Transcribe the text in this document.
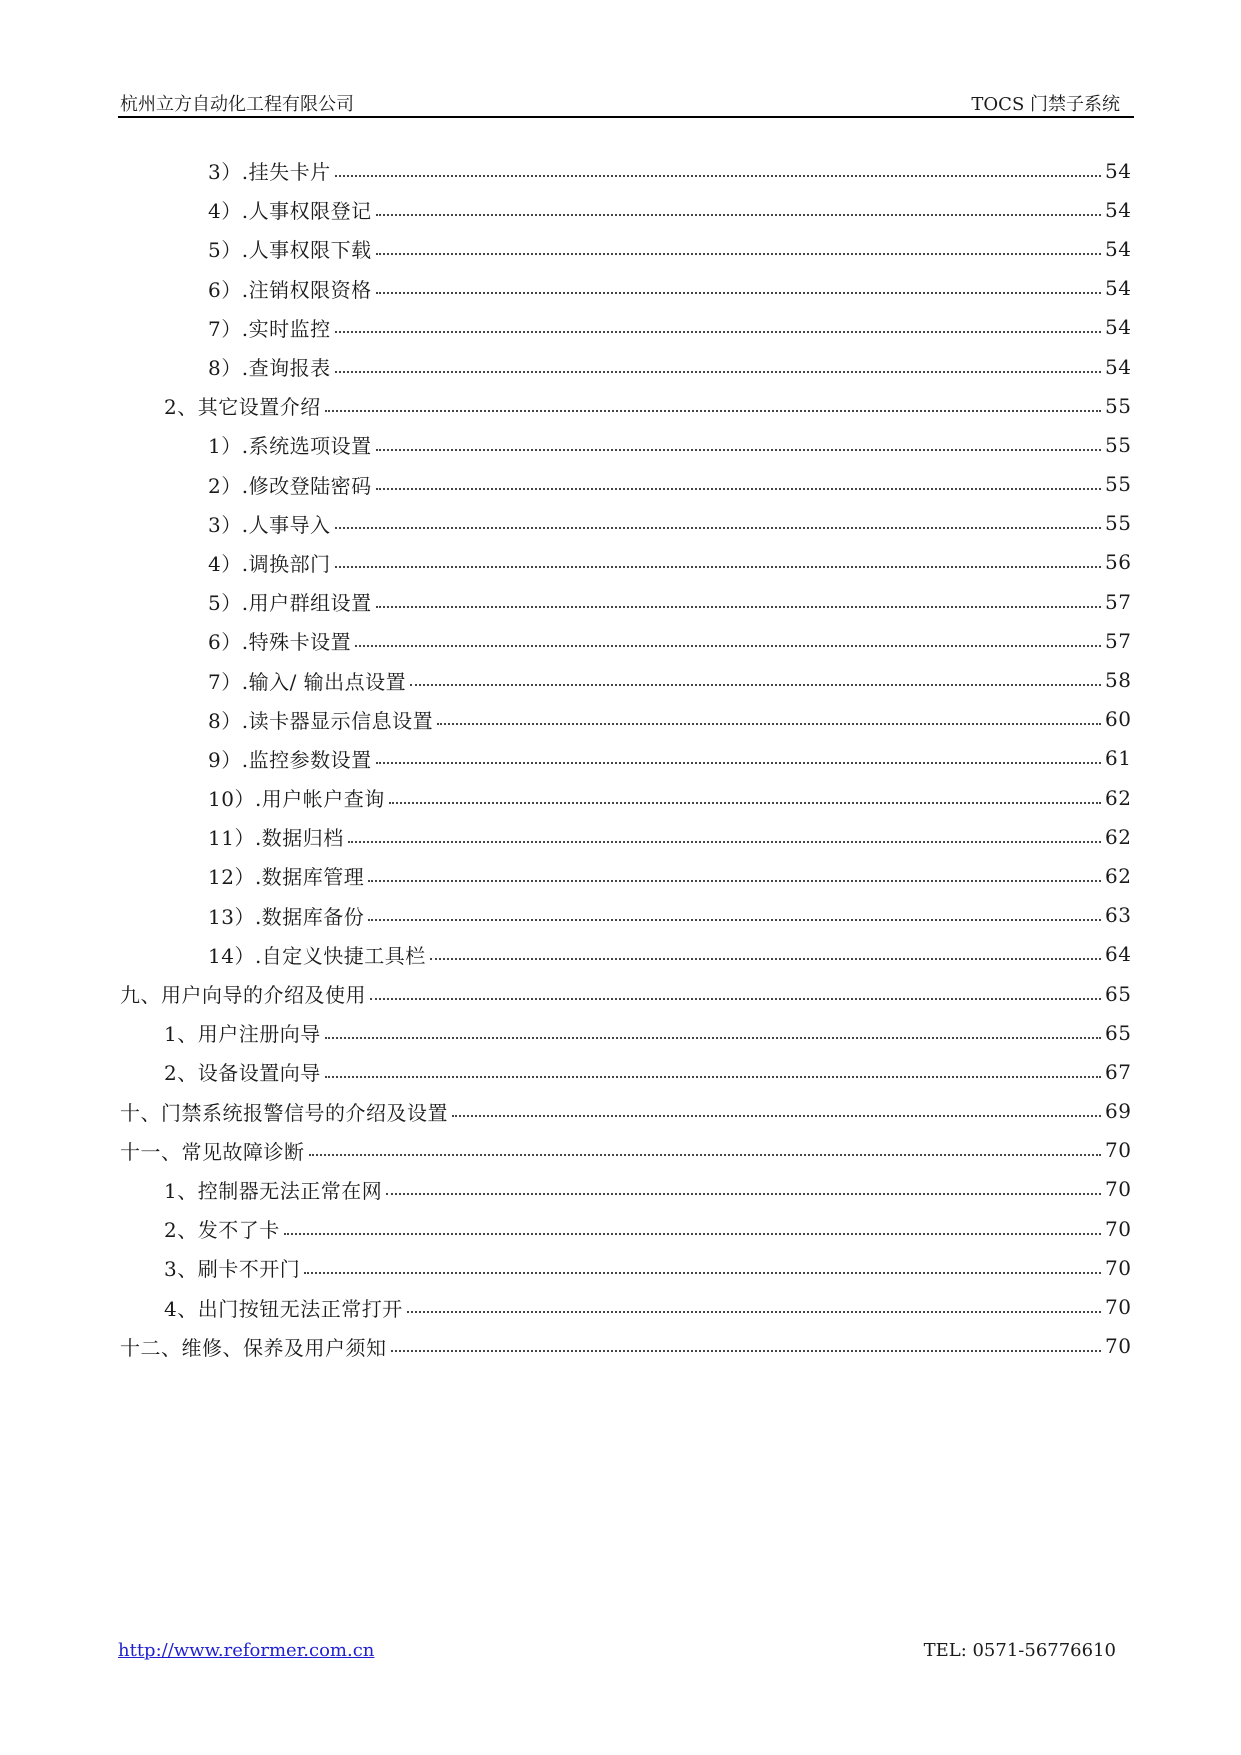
杭州立方自动化工程有限公司	TOCS 门禁子系统
3）.挂失卡片	54
4）.人事权限登记	54
5）.人事权限下载	54
6）.注销权限资格	54
7）.实时监控	54
8）.查询报表	54
2、其它设置介绍	55
1）.系统选项设置	55
2）.修改登陆密码	55
3）.人事导入	55
4）.调换部门	56
5）.用户群组设置	57
6）.特殊卡设置	57
7）.输入/ 输出点设置	58
8）.读卡器显示信息设置	60
9）.监控参数设置	61
10）.用户帐户查询	62
11）.数据归档	62
12）.数据库管理	62
13）.数据库备份	63
14）.自定义快捷工具栏	64
九、用户向导的介绍及使用	65
1、用户注册向导	65
2、设备设置向导	67
十、门禁系统报警信号的介绍及设置	69
十一、常见故障诊断	70
1、控制器无法正常在网	70
2、发不了卡	70
3、刷卡不开门	70
4、出门按钮无法正常打开	70
十二、维修、保养及用户须知	70
http://www.reformer.com.cn	TEL: 0571-56776610
